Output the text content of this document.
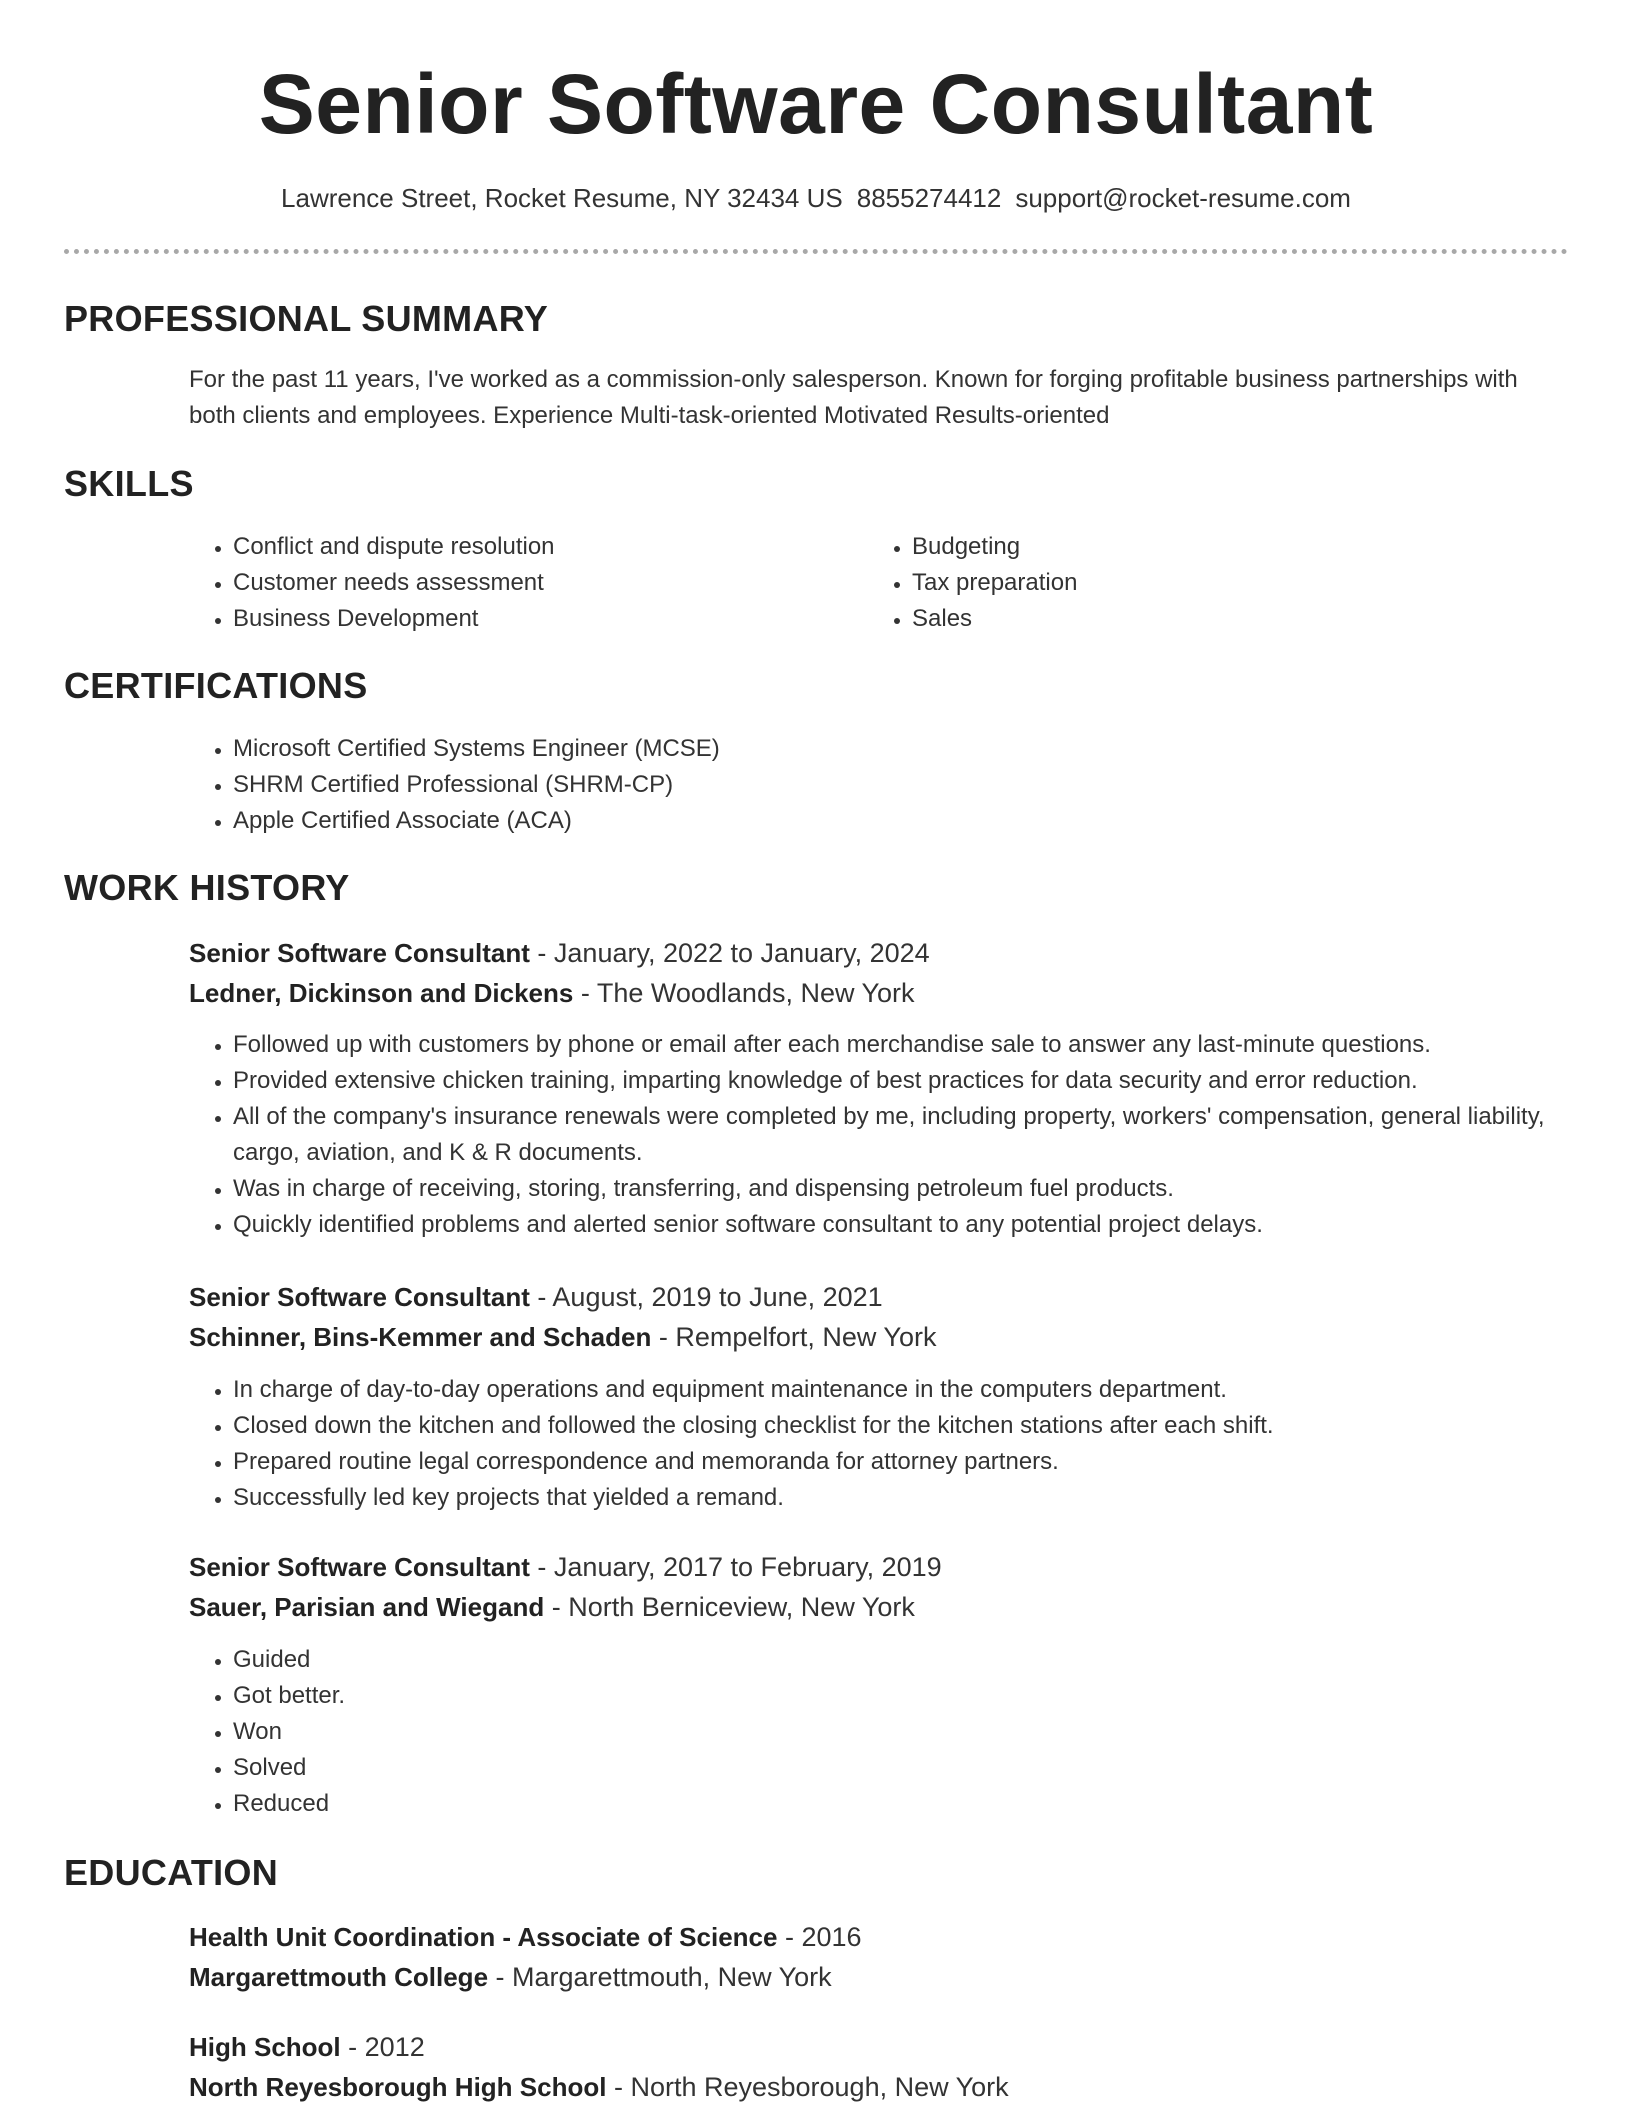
Senior Software Consultant
Lawrence Street, Rocket Resume, NY 32434 US 8855274412 support@rocket-resume.com
PROFESSIONAL SUMMARY
For the past 11 years, I've worked as a commission-only salesperson. Known for forging profitable business partnerships with both clients and employees. Experience Multi-task-oriented Motivated Results-oriented
SKILLS
• Conflict and dispute resolution
• Customer needs assessment
• Business Development
• Budgeting
• Tax preparation
• Sales
CERTIFICATIONS
• Microsoft Certified Systems Engineer (MCSE)
• SHRM Certified Professional (SHRM-CP)
• Apple Certified Associate (ACA)
WORK HISTORY
Senior Software Consultant - January, 2022 to January, 2024
Ledner, Dickinson and Dickens - The Woodlands, New York
• Followed up with customers by phone or email after each merchandise sale to answer any last-minute questions.
• Provided extensive chicken training, imparting knowledge of best practices for data security and error reduction.
• All of the company's insurance renewals were completed by me, including property, workers' compensation, general liability, cargo, aviation, and K & R documents.
• Was in charge of receiving, storing, transferring, and dispensing petroleum fuel products.
• Quickly identified problems and alerted senior software consultant to any potential project delays.
Senior Software Consultant - August, 2019 to June, 2021
Schinner, Bins-Kemmer and Schaden - Rempelfort, New York
• In charge of day-to-day operations and equipment maintenance in the computers department.
• Closed down the kitchen and followed the closing checklist for the kitchen stations after each shift.
• Prepared routine legal correspondence and memoranda for attorney partners.
• Successfully led key projects that yielded a remand.
Senior Software Consultant - January, 2017 to February, 2019
Sauer, Parisian and Wiegand - North Berniceview, New York
• Guided
• Got better.
• Won
• Solved
• Reduced
EDUCATION
Health Unit Coordination - Associate of Science - 2016
Margarettmouth College - Margarettmouth, New York
High School - 2012
North Reyesborough High School - North Reyesborough, New York
